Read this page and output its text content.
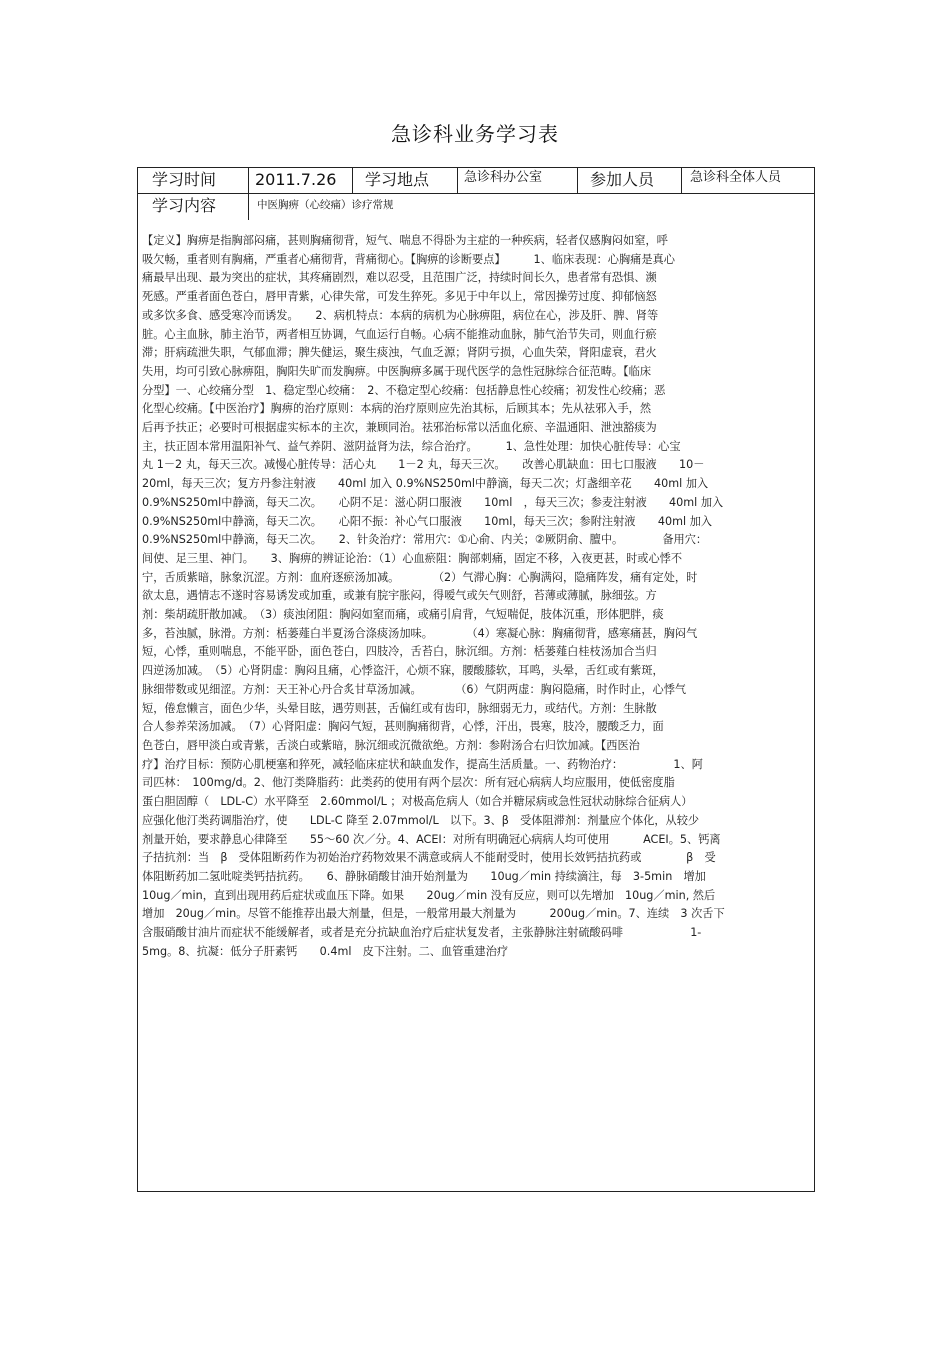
急诊科业务学习表
学习时间	2011.7.26	学习地点	急诊科办公室	参加人员	急诊科全体人员
学习内容	中医胸痹（心绞痛）诊疗常规
【定义】胸痹是指胸部闷痛，甚则胸痛彻背，短气、喘息不得卧为主症的一种疾病，轻者仅感胸闷如窒，呼
吸欠畅，重者则有胸痛，严重者心痛彻背，背痛彻心。【胸痹的诊断要点】　　　1、临床表现：心胸痛是真心
痛最早出现、最为突出的症状，其疼痛剧烈，难以忍受，且范围广泛，持续时间长久，患者常有恐惧、濒
死感。严重者面色苍白，唇甲青紫，心律失常，可发生猝死。多见于中年以上，常因操劳过度、抑郁恼怒
或多饮多食、感受寒冷而诱发。　　2、病机特点：本病的病机为心脉痹阻，病位在心，涉及肝、脾、肾等
脏。心主血脉，肺主治节，两者相互协调，气血运行自畅。心病不能推动血脉，肺气治节失司，则血行瘀
滞；肝病疏泄失职，气郁血滞；脾失健运，聚生痰浊，气血乏源；肾阴亏损，心血失荣，肾阳虚衰，君火
失用，均可引致心脉痹阻，胸阳失旷而发胸痹。中医胸痹多属于现代医学的急性冠脉综合征范畴。【临床
分型】一、心绞痛分型　1、稳定型心绞痛：　2、不稳定型心绞痛：包括静息性心绞痛；初发性心绞痛；恶
化型心绞痛。【中医治疗】胸痹的治疗原则：本病的治疗原则应先治其标，后顾其本；先从祛邪入手，然
后再予扶正；必要时可根据虚实标本的主次，兼顾同治。祛邪治标常以活血化瘀、辛温通阳、泄浊豁痰为
主，扶正固本常用温阳补气、益气养阴、滋阴益肾为法，综合治疗。　　　1、急性处理：加快心脏传导：心宝
丸 1－2 丸，每天三次。减慢心脏传导：活心丸　　1－2 丸，每天三次。　　改善心肌缺血：田七口服液　　10－
20ml，每天三次；复方丹参注射液　　40ml 加入 0.9%NS250ml中静滴，每天二次；灯盏细辛花　　40ml 加入
0.9%NS250ml中静滴，每天二次。　　心阴不足：滋心阴口服液　　10ml　，每天三次；参麦注射液　　40ml 加入
0.9%NS250ml中静滴，每天二次。　　心阳不振：补心气口服液　　10ml，每天三次；参附注射液　　40ml 加入
0.9%NS250ml中静滴，每天二次。　　2、针灸治疗：常用穴：①心俞、内关；②厥阴俞、膻中。　　　　备用穴：
间使、足三里、神门。　　3、胸痹的辨证论治：（1）心血瘀阻：胸部刺痛，固定不移，入夜更甚，时或心悸不
宁，舌质紫暗，脉象沉涩。方剂：血府逐瘀汤加减。　　　　（2）气滞心胸：心胸满闷，隐痛阵发，痛有定处，时
欲太息，遇情志不遂时容易诱发或加重，或兼有脘宇胀闷，得嗳气或矢气则舒，苔薄或薄腻，脉细弦。方
剂：柴胡疏肝散加减。　（3）痰浊闭阻：胸闷如窒而痛，或痛引肩背，气短喘促，肢体沉重，形体肥胖，痰
多，苔浊腻，脉滑。方剂：栝蒌薤白半夏汤合涤痰汤加味。　　　　（4）寒凝心脉：胸痛彻背，感寒痛甚，胸闷气
短，心悸，重则喘息，不能平卧，面色苍白，四肢冷，舌苔白，脉沉细。方剂：栝蒌薤白桂枝汤加合当归
四逆汤加减。　（5）心肾阴虚：胸闷且痛，心悸盗汗，心烦不寐，腰酸膝软，耳鸣，头晕，舌红或有紫斑，
脉细带数或见细涩。方剂：天王补心丹合炙甘草汤加减。　　　　（6）气阴两虚：胸闷隐痛，时作时止，心悸气
短，倦怠懒言，面色少华，头晕目眩，遇劳则甚，舌偏红或有齿印，脉细弱无力，或结代。方剂：生脉散
合人参养荣汤加减。　（7）心肾阳虚：胸闷气短，甚则胸痛彻背，心悸，汗出，畏寒，肢冷，腰酸乏力，面
色苍白，唇甲淡白或青紫，舌淡白或紫暗，脉沉细或沉微欲绝。方剂：参附汤合右归饮加减。【西医治
疗】治疗目标：预防心肌梗塞和猝死，减轻临床症状和缺血发作，提高生活质量。一、药物治疗：　　　　　1、阿
司匹林：　100mg/d。2、他汀类降脂药：此类药的使用有两个层次：所有冠心病病人均应服用，使低密度脂
蛋白胆固醇（　LDL-C）水平降至　2.60mmol/L ；对极高危病人（如合并糖尿病或急性冠状动脉综合征病人）
应强化他汀类药调脂治疗，使　　LDL-C 降至 2.07mmol/L　以下。3、β　受体阻滞剂：剂量应个体化，从较少
剂量开始，要求静息心律降至　　55～60 次／分。4、ACEI：对所有明确冠心病病人均可使用　　　ACEI。5、钙离
子拮抗剂：当　β　受体阻断药作为初始治疗药物效果不满意或病人不能耐受时，使用长效钙拮抗药或　　　　β　受
体阻断药加二氢吡啶类钙拮抗药。　　6、静脉硝酸甘油开始剂量为　　10ug／min 持续滴注，每　3-5min　增加
10ug／min，直到出现用药后症状或血压下降。如果　　20ug／min 没有反应，则可以先增加　10ug／min, 然后
增加　20ug／min。尽管不能推荐出最大剂量，但是，一般常用最大剂量为　　　200ug／min。7、连续　3 次舌下
含服硝酸甘油片而症状不能缓解者，或者是充分抗缺血治疗后症状复发者，主张静脉注射硫酸码啡　　　　　　1-
5mg。8、抗凝：低分子肝素钙　　0.4ml　皮下注射。二、血管重建治疗
